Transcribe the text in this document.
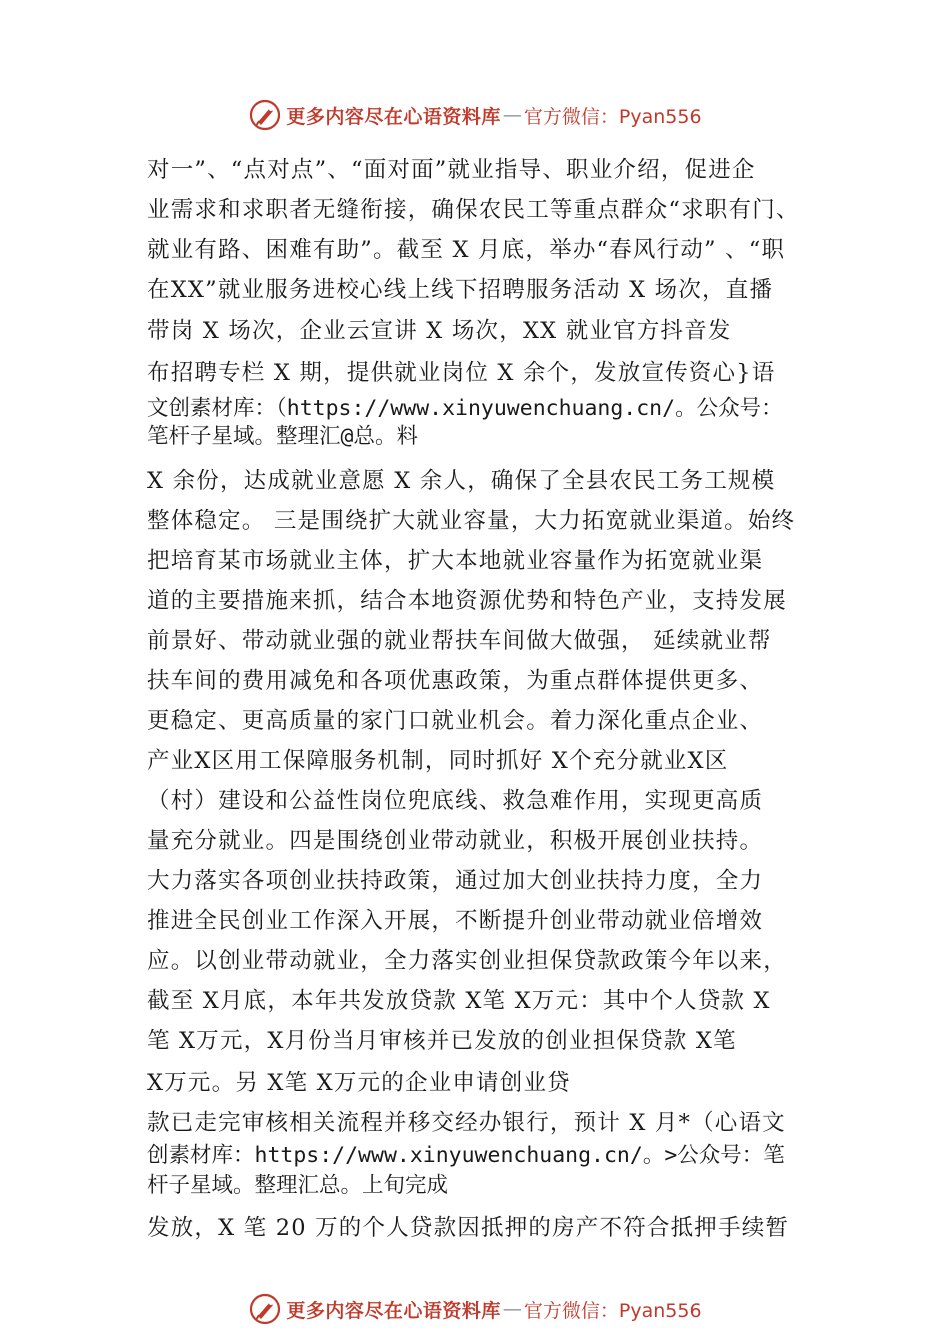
更多内容尽在心语资料库 — 官方微信：Pyan556
对一”、“点对点”、“面对面”就业指导、职业介绍，促进企
业需求和求职者无缝衔接，确保农民工等重点群众“求职有门、
就业有路、困难有助”。截至 X 月底，举办“春风行动” 、“职
在XX”就业服务进校心线上线下招聘服务活动 X 场次，直播
带岗 X 场次，企业云宣讲 X 场次，XX 就业官方抖音发
布招聘专栏 X 期，提供就业岗位 X 余个，发放宣传资心}语
文创素材库：（https://www.xinyuwenchuang.cn/。公众号：
笔杆子星域。整理汇@总。料
X 余份，达成就业意愿 X 余人，确保了全县农民工务工规模
整体稳定。 三是围绕扩大就业容量，大力拓宽就业渠道。始终
把培育某市场就业主体，扩大本地就业容量作为拓宽就业渠
道的主要措施来抓，结合本地资源优势和特色产业，支持发展
前景好、带动就业强的就业帮扶车间做大做强， 延续就业帮
扶车间的费用减免和各项优惠政策，为重点群体提供更多、
更稳定、更高质量的家门口就业机会。着力深化重点企业、
产业X区用工保障服务机制，同时抓好 X个充分就业X区
（村）建设和公益性岗位兜底线、救急难作用，实现更高质
量充分就业。四是围绕创业带动就业，积极开展创业扶持。
大力落实各项创业扶持政策，通过加大创业扶持力度，全力
推进全民创业工作深入开展，不断提升创业带动就业倍增效
应。以创业带动就业，全力落实创业担保贷款政策今年以来，
截至 X月底，本年共发放贷款 X笔 X万元：其中个人贷款 X
笔 X万元，X月份当月审核并已发放的创业担保贷款 X笔
X万元。另 X笔 X万元的企业申请创业贷
款已走完审核相关流程并移交经办银行，预计 X 月*（心语文
创素材库：https://www.xinyuwenchuang.cn/。>公众号：笔
杆子星域。整理汇总。上旬完成
发放，X 笔 20 万的个人贷款因抵押的房产不符合抵押手续暂
更多内容尽在心语资料库 — 官方微信：Pyan556
